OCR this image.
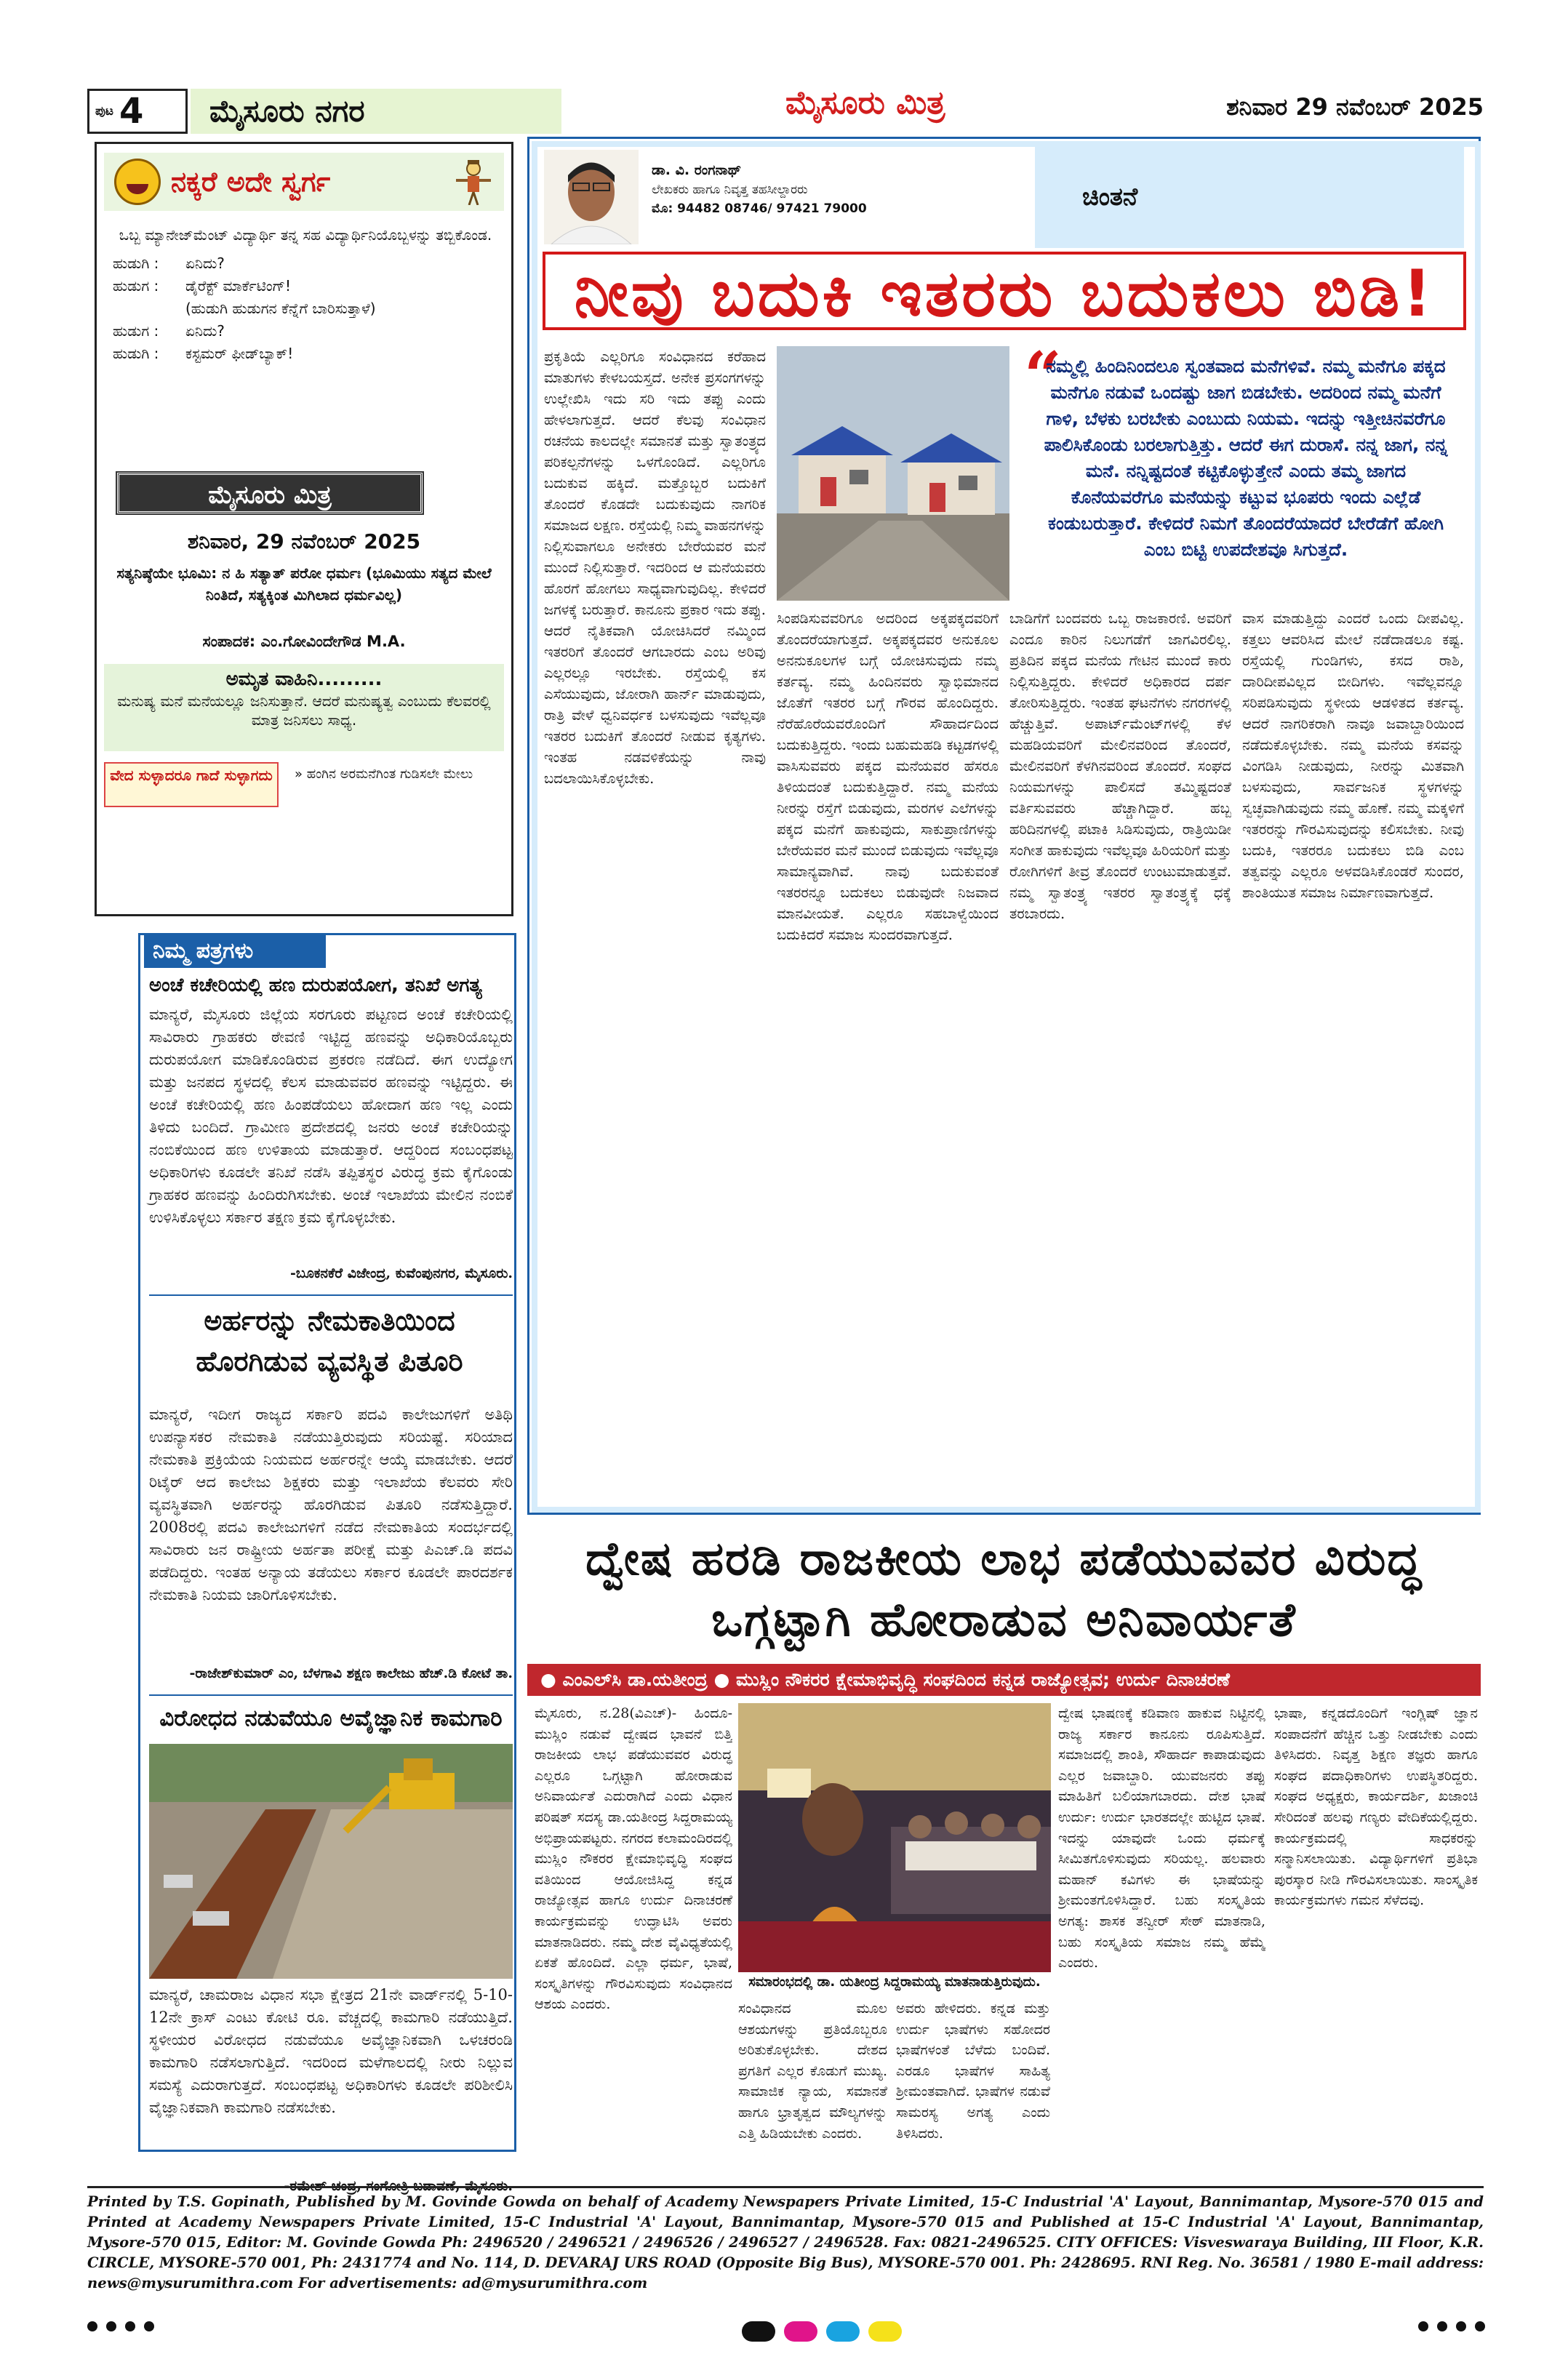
ಪುಟ 4 ಮೈಸೂರು ನಗರ	ಮೈಸೂರು ಮಿತ್ರ	ಶನಿವಾರ 29 ನವೆಂಬರ್ 2025
ನಕ್ಕರೆ ಅದೇ ಸ್ವರ್ಗ
ಒಬ್ಬ ಮ್ಯಾನೇಜ್‌ಮೆಂಟ್ ವಿದ್ಯಾರ್ಥಿ ತನ್ನ ಸಹ ವಿದ್ಯಾರ್ಥಿನಿಯೊಬ್ಬಳನ್ನು ತಬ್ಬಿಕೊಂಡ.
ಹುಡುಗಿ :	ಏನಿದು?
ಹುಡುಗ :	ಡೈರೆಕ್ಟ್ ಮಾರ್ಕೆಟಿಂಗ್!
(ಹುಡುಗಿ ಹುಡುಗನ ಕೆನ್ನೆಗೆ ಬಾರಿಸುತ್ತಾಳೆ)
ಹುಡುಗ :	ಏನಿದು?
ಹುಡುಗಿ :	ಕಸ್ಟಮರ್ ಫೀಡ್‌ಬ್ಯಾಕ್!
ಮೈಸೂರು ಮಿತ್ರ
ಶನಿವಾರ, 29 ನವೆಂಬರ್ 2025
ಸತ್ಯನಿಷ್ಠೆಯೇ ಭೂಮಿ: ನ ಹಿ ಸತ್ಯಾತ್ ಪರೋ ಧರ್ಮಃ (ಭೂಮಿಯು ಸತ್ಯದ ಮೇಲೆ ನಿಂತಿದೆ, ಸತ್ಯಕ್ಕಿಂತ ಮಿಗಿಲಾದ ಧರ್ಮವಿಲ್ಲ)
ಸಂಪಾದಕ: ಎಂ.ಗೋವಿಂದೇಗೌಡ M.A.
ಅಮೃತ ವಾಹಿನಿ.........
ಮನುಷ್ಯ ಮನೆ ಮನೆಯಲ್ಲೂ ಜನಿಸುತ್ತಾನೆ. ಆದರೆ ಮನುಷ್ಯತ್ವ ಎಂಬುದು ಕೆಲವರಲ್ಲಿ ಮಾತ್ರ ಜನಿಸಲು ಸಾಧ್ಯ.
ವೇದ ಸುಳ್ಳಾದರೂ ಗಾದೆ ಸುಳ್ಳಾಗದು	» ಹಂಗಿನ ಅರಮನೆಗಿಂತ ಗುಡಿಸಲೇ ಮೇಲು
ನಿಮ್ಮ ಪತ್ರಗಳು
ಅಂಚೆ ಕಚೇರಿಯಲ್ಲಿ ಹಣ ದುರುಪಯೋಗ, ತನಿಖೆ ಅಗತ್ಯ
ಮಾನ್ಯರೆ, ಮೈಸೂರು ಜಿಲ್ಲೆಯ ಸರಗೂರು ಪಟ್ಟಣದ ಅಂಚೆ ಕಚೇರಿಯಲ್ಲಿ ಸಾವಿರಾರು ಗ್ರಾಹಕರು ಠೇವಣಿ ಇಟ್ಟಿದ್ದ ಹಣವನ್ನು ಅಧಿಕಾರಿಯೊಬ್ಬರು ದುರುಪಯೋಗ ಮಾಡಿಕೊಂಡಿರುವ ಪ್ರಕರಣ ನಡೆದಿದೆ. ಈಗ ಉದ್ಯೋಗ ಮತ್ತು ಜನಪದ ಸ್ಥಳದಲ್ಲಿ ಕೆಲಸ ಮಾಡುವವರ ಹಣವನ್ನು ಇಟ್ಟಿದ್ದರು. ಈ ಅಂಚೆ ಕಚೇರಿಯಲ್ಲಿ ಹಣ ಹಿಂಪಡೆಯಲು ಹೋದಾಗ ಹಣ ಇಲ್ಲ ಎಂದು ತಿಳಿದು ಬಂದಿದೆ. ಗ್ರಾಮೀಣ ಪ್ರದೇಶದಲ್ಲಿ ಜನರು ಅಂಚೆ ಕಚೇರಿಯನ್ನು ನಂಬಿಕೆಯಿಂದ ಹಣ ಉಳಿತಾಯ ಮಾಡುತ್ತಾರೆ. ಆದ್ದರಿಂದ ಸಂಬಂಧಪಟ್ಟ ಅಧಿಕಾರಿಗಳು ಕೂಡಲೇ ತನಿಖೆ ನಡೆಸಿ ತಪ್ಪಿತಸ್ಥರ ವಿರುದ್ಧ ಕ್ರಮ ಕೈಗೊಂಡು ಗ್ರಾಹಕರ ಹಣವನ್ನು ಹಿಂದಿರುಗಿಸಬೇಕು. ಅಂಚೆ ಇಲಾಖೆಯ ಮೇಲಿನ ನಂಬಿಕೆ ಉಳಿಸಿಕೊಳ್ಳಲು ಸರ್ಕಾರ ತಕ್ಷಣ ಕ್ರಮ ಕೈಗೊಳ್ಳಬೇಕು.
-ಬೂಕನಕೆರೆ ವಿಜೇಂದ್ರ, ಕುವೆಂಪುನಗರ, ಮೈಸೂರು.
ಅರ್ಹರನ್ನು ನೇಮಕಾತಿಯಿಂದ ಹೊರಗಿಡುವ ವ್ಯವಸ್ಥಿತ ಪಿತೂರಿ
ಮಾನ್ಯರೆ, ಇದೀಗ ರಾಜ್ಯದ ಸರ್ಕಾರಿ ಪದವಿ ಕಾಲೇಜುಗಳಿಗೆ ಅತಿಥಿ ಉಪನ್ಯಾಸಕರ ನೇಮಕಾತಿ ನಡೆಯುತ್ತಿರುವುದು ಸರಿಯಷ್ಟೆ. ಸರಿಯಾದ ನೇಮಕಾತಿ ಪ್ರಕ್ರಿಯೆಯ ನಿಯಮದ ಅರ್ಹರನ್ನೇ ಆಯ್ಕೆ ಮಾಡಬೇಕು. ಆದರೆ ರಿಟೈರ್ ಆದ ಕಾಲೇಜು ಶಿಕ್ಷಕರು ಮತ್ತು ಇಲಾಖೆಯ ಕೆಲವರು ಸೇರಿ ವ್ಯವಸ್ಥಿತವಾಗಿ ಅರ್ಹರನ್ನು ಹೊರಗಿಡುವ ಪಿತೂರಿ ನಡೆಸುತ್ತಿದ್ದಾರೆ. 2008ರಲ್ಲಿ ಪದವಿ ಕಾಲೇಜುಗಳಿಗೆ ನಡೆದ ನೇಮಕಾತಿಯ ಸಂದರ್ಭದಲ್ಲಿ ಸಾವಿರಾರು ಜನ ರಾಷ್ಟ್ರೀಯ ಅರ್ಹತಾ ಪರೀಕ್ಷೆ ಮತ್ತು ಪಿಎಚ್.ಡಿ ಪದವಿ ಪಡೆದಿದ್ದರು. ಇಂತಹ ಅನ್ಯಾಯ ತಡೆಯಲು ಸರ್ಕಾರ ಕೂಡಲೇ ಪಾರದರ್ಶಕ ನೇಮಕಾತಿ ನಿಯಮ ಜಾರಿಗೊಳಿಸಬೇಕು.
-ರಾಜೇಶ್‌ಕುಮಾರ್ ಎಂ, ಬೆಳಗಾವಿ ಶಕ್ಷಣ ಕಾಲೇಜು ಹೆಚ್.ಡಿ ಕೋಟೆ ತಾ.
ವಿರೋಧದ ನಡುವೆಯೂ ಅವೈಜ್ಞಾನಿಕ ಕಾಮಗಾರಿ
ಮಾನ್ಯರೆ, ಚಾಮರಾಜ ವಿಧಾನ ಸಭಾ ಕ್ಷೇತ್ರದ 21ನೇ ವಾರ್ಡ್‌ನಲ್ಲಿ 5-10-12ನೇ ಕ್ರಾಸ್ ಎಂಟು ಕೋಟಿ ರೂ. ವೆಚ್ಚದಲ್ಲಿ ಕಾಮಗಾರಿ ನಡೆಯುತ್ತಿದೆ. ಸ್ಥಳೀಯರ ವಿರೋಧದ ನಡುವೆಯೂ ಅವೈಜ್ಞಾನಿಕವಾಗಿ ಒಳಚರಂಡಿ ಕಾಮಗಾರಿ ನಡೆಸಲಾಗುತ್ತಿದೆ. ಇದರಿಂದ ಮಳೆಗಾಲದಲ್ಲಿ ನೀರು ನಿಲ್ಲುವ ಸಮಸ್ಯೆ ಎದುರಾಗುತ್ತದೆ. ಸಂಬಂಧಪಟ್ಟ ಅಧಿಕಾರಿಗಳು ಕೂಡಲೇ ಪರಿಶೀಲಿಸಿ ವೈಜ್ಞಾನಿಕವಾಗಿ ಕಾಮಗಾರಿ ನಡೆಸಬೇಕು.
ಡಾ. ವಿ. ರಂಗನಾಥ್
ಲೇಖಕರು ಹಾಗೂ ನಿವೃತ್ತ ತಹಸೀಲ್ದಾರರು
ಮೊ: 94482 08746/ 97421 79000	ಚಿಂತನೆ
ನೀವು ಬದುಕಿ ಇತರರು ಬದುಕಲು ಬಿಡಿ!
ಪ್ರಕೃತಿಯೆ ಎಲ್ಲರಿಗೂ ಸಂವಿಧಾನದ ಕರೆಹಾದ ಮಾತುಗಳು ಕೇಳಬಯಸ್ತದೆ. ಅನೇಕ ಪ್ರಸಂಗಗಳನ್ನು ಉಲ್ಲೇಖಿಸಿ ಇದು ಸರಿ ಇದು ತಪ್ಪು ಎಂದು ಹೇಳಲಾಗುತ್ತದೆ. ಆದರೆ ಕೆಲವು ಸಂವಿಧಾನ ರಚನೆಯ ಕಾಲದಲ್ಲೇ ಸಮಾನತೆ ಮತ್ತು ಸ್ವಾತಂತ್ರ್ಯದ ಪರಿಕಲ್ಪನೆಗಳನ್ನು ಒಳಗೊಂಡಿದೆ. ಎಲ್ಲರಿಗೂ ಬದುಕುವ ಹಕ್ಕಿದೆ. ಮತ್ತೊಬ್ಬರ ಬದುಕಿಗೆ ತೊಂದರೆ ಕೊಡದೇ ಬದುಕುವುದು ನಾಗರಿಕ ಸಮಾಜದ ಲಕ್ಷಣ. ರಸ್ತೆಯಲ್ಲಿ ನಿಮ್ಮ ವಾಹನಗಳನ್ನು ನಿಲ್ಲಿಸುವಾಗಲೂ ಅನೇಕರು ಬೇರೆಯವರ ಮನೆ ಮುಂದೆ ನಿಲ್ಲಿಸುತ್ತಾರೆ. ಇದರಿಂದ ಆ ಮನೆಯವರು ಹೊರಗೆ ಹೋಗಲು ಸಾಧ್ಯವಾಗುವುದಿಲ್ಲ. ಕೇಳಿದರೆ ಜಗಳಕ್ಕೆ ಬರುತ್ತಾರೆ. ಕಾನೂನು ಪ್ರಕಾರ ಇದು ತಪ್ಪು. ಆದರೆ ನೈತಿಕವಾಗಿ ಯೋಚಿಸಿದರೆ ನಮ್ಮಿಂದ ಇತರರಿಗೆ ತೊಂದರೆ ಆಗಬಾರದು ಎಂಬ ಅರಿವು ಎಲ್ಲರಲ್ಲೂ ಇರಬೇಕು. ರಸ್ತೆಯಲ್ಲಿ ಕಸ ಎಸೆಯುವುದು, ಜೋರಾಗಿ ಹಾರ್ನ್ ಮಾಡುವುದು, ರಾತ್ರಿ ವೇಳೆ ಧ್ವನಿವರ್ಧಕ ಬಳಸುವುದು ಇವೆಲ್ಲವೂ ಇತರರ ಬದುಕಿಗೆ ತೊಂದರೆ ನೀಡುವ ಕೃತ್ಯಗಳು. ಇಂತಹ ನಡವಳಿಕೆಯನ್ನು ನಾವು ಬದಲಾಯಿಸಿಕೊಳ್ಳಬೇಕು.
“
ನಮ್ಮಲ್ಲಿ ಹಿಂದಿನಿಂದಲೂ ಸ್ವಂತವಾದ ಮನೆಗಳಿವೆ. ನಮ್ಮ ಮನೆಗೂ ಪಕ್ಕದ ಮನೆಗೂ ನಡುವೆ ಒಂದಷ್ಟು ಜಾಗ ಬಿಡಬೇಕು. ಅದರಿಂದ ನಮ್ಮ ಮನೆಗೆ ಗಾಳಿ, ಬೆಳಕು ಬರಬೇಕು ಎಂಬುದು ನಿಯಮ. ಇದನ್ನು ಇತ್ತೀಚಿನವರೆಗೂ ಪಾಲಿಸಿಕೊಂಡು ಬರಲಾಗುತ್ತಿತ್ತು. ಆದರೆ ಈಗ ದುರಾಸೆ. ನನ್ನ ಜಾಗ, ನನ್ನ ಮನೆ. ನನ್ನಿಷ್ಟದಂತೆ ಕಟ್ಟಿಕೊಳ್ಳುತ್ತೇನೆ ಎಂದು ತಮ್ಮ ಜಾಗದ ಕೊನೆಯವರೆಗೂ ಮನೆಯನ್ನು ಕಟ್ಟುವ ಭೂಪರು ಇಂದು ಎಲ್ಲೆಡೆ ಕಂಡುಬರುತ್ತಾರೆ. ಕೇಳಿದರೆ ನಿಮಗೆ ತೊಂದರೆಯಾದರೆ ಬೇರೆಡೆಗೆ ಹೋಗಿ ಎಂಬ ಬಿಟ್ಟಿ ಉಪದೇಶವೂ ಸಿಗುತ್ತದೆ.
ಸಿಂಪಡಿಸುವವರಿಗೂ ಅದರಿಂದ ಅಕ್ಕಪಕ್ಕದವರಿಗೆ ತೊಂದರೆಯಾಗುತ್ತದೆ. ಅಕ್ಕಪಕ್ಕದವರ ಅನುಕೂಲ ಅನನುಕೂಲಗಳ ಬಗ್ಗೆ ಯೋಚಿಸುವುದು ನಮ್ಮ ಕರ್ತವ್ಯ. ನಮ್ಮ ಹಿಂದಿನವರು ಸ್ವಾಭಿಮಾನದ ಜೊತೆಗೆ ಇತರರ ಬಗ್ಗೆ ಗೌರವ ಹೊಂದಿದ್ದರು. ನೆರೆಹೊರೆಯವರೊಂದಿಗೆ ಸೌಹಾರ್ದದಿಂದ ಬದುಕುತ್ತಿದ್ದರು. ಇಂದು ಬಹುಮಹಡಿ ಕಟ್ಟಡಗಳಲ್ಲಿ ವಾಸಿಸುವವರು ಪಕ್ಕದ ಮನೆಯವರ ಹೆಸರೂ ತಿಳಿಯದಂತೆ ಬದುಕುತ್ತಿದ್ದಾರೆ. ನಮ್ಮ ಮನೆಯ ನೀರನ್ನು ರಸ್ತೆಗೆ ಬಿಡುವುದು, ಮರಗಳ ಎಲೆಗಳನ್ನು ಪಕ್ಕದ ಮನೆಗೆ ಹಾಕುವುದು, ಸಾಕುಪ್ರಾಣಿಗಳನ್ನು ಬೇರೆಯವರ ಮನೆ ಮುಂದೆ ಬಿಡುವುದು ಇವೆಲ್ಲವೂ ಸಾಮಾನ್ಯವಾಗಿವೆ. ನಾವು ಬದುಕುವಂತೆ ಇತರರನ್ನೂ ಬದುಕಲು ಬಿಡುವುದೇ ನಿಜವಾದ ಮಾನವೀಯತೆ. ಎಲ್ಲರೂ ಸಹಬಾಳ್ವೆಯಿಂದ ಬದುಕಿದರೆ ಸಮಾಜ ಸುಂದರವಾಗುತ್ತದೆ.
ಬಾಡಿಗೆಗೆ ಬಂದವರು ಒಬ್ಬ ರಾಜಕಾರಣಿ. ಅವರಿಗೆ ಎಂದೂ ಕಾರಿನ ನಿಲುಗಡೆಗೆ ಜಾಗವಿರಲಿಲ್ಲ. ಪ್ರತಿದಿನ ಪಕ್ಕದ ಮನೆಯ ಗೇಟಿನ ಮುಂದೆ ಕಾರು ನಿಲ್ಲಿಸುತ್ತಿದ್ದರು. ಕೇಳಿದರೆ ಅಧಿಕಾರದ ದರ್ಪ ತೋರಿಸುತ್ತಿದ್ದರು. ಇಂತಹ ಘಟನೆಗಳು ನಗರಗಳಲ್ಲಿ ಹೆಚ್ಚುತ್ತಿವೆ. ಅಪಾರ್ಟ್‌ಮೆಂಟ್‌ಗಳಲ್ಲಿ ಕೆಳ ಮಹಡಿಯವರಿಗೆ ಮೇಲಿನವರಿಂದ ತೊಂದರೆ, ಮೇಲಿನವರಿಗೆ ಕೆಳಗಿನವರಿಂದ ತೊಂದರೆ. ಸಂಘದ ನಿಯಮಗಳನ್ನು ಪಾಲಿಸದೆ ತಮ್ಮಿಷ್ಟದಂತೆ ವರ್ತಿಸುವವರು ಹೆಚ್ಚಾಗಿದ್ದಾರೆ. ಹಬ್ಬ ಹರಿದಿನಗಳಲ್ಲಿ ಪಟಾಕಿ ಸಿಡಿಸುವುದು, ರಾತ್ರಿಯಿಡೀ ಸಂಗೀತ ಹಾಕುವುದು ಇವೆಲ್ಲವೂ ಹಿರಿಯರಿಗೆ ಮತ್ತು ರೋಗಿಗಳಿಗೆ ತೀವ್ರ ತೊಂದರೆ ಉಂಟುಮಾಡುತ್ತವೆ. ನಮ್ಮ ಸ್ವಾತಂತ್ರ್ಯ ಇತರರ ಸ್ವಾತಂತ್ರ್ಯಕ್ಕೆ ಧಕ್ಕೆ ತರಬಾರದು.
ವಾಸ ಮಾಡುತ್ತಿದ್ದು ಎಂದರೆ ಒಂದು ದೀಪವಿಲ್ಲ. ಕತ್ತಲು ಆವರಿಸಿದ ಮೇಲೆ ನಡೆದಾಡಲೂ ಕಷ್ಟ. ರಸ್ತೆಯಲ್ಲಿ ಗುಂಡಿಗಳು, ಕಸದ ರಾಶಿ, ದಾರಿದೀಪವಿಲ್ಲದ ಬೀದಿಗಳು. ಇವೆಲ್ಲವನ್ನೂ ಸರಿಪಡಿಸುವುದು ಸ್ಥಳೀಯ ಆಡಳಿತದ ಕರ್ತವ್ಯ. ಆದರೆ ನಾಗರಿಕರಾಗಿ ನಾವೂ ಜವಾಬ್ದಾರಿಯಿಂದ ನಡೆದುಕೊಳ್ಳಬೇಕು. ನಮ್ಮ ಮನೆಯ ಕಸವನ್ನು ವಿಂಗಡಿಸಿ ನೀಡುವುದು, ನೀರನ್ನು ಮಿತವಾಗಿ ಬಳಸುವುದು, ಸಾರ್ವಜನಿಕ ಸ್ಥಳಗಳನ್ನು ಸ್ವಚ್ಛವಾಗಿಡುವುದು ನಮ್ಮ ಹೊಣೆ. ನಮ್ಮ ಮಕ್ಕಳಿಗೆ ಇತರರನ್ನು ಗೌರವಿಸುವುದನ್ನು ಕಲಿಸಬೇಕು. ನೀವು ಬದುಕಿ, ಇತರರೂ ಬದುಕಲು ಬಿಡಿ ಎಂಬ ತತ್ವವನ್ನು ಎಲ್ಲರೂ ಅಳವಡಿಸಿಕೊಂಡರೆ ಸುಂದರ, ಶಾಂತಿಯುತ ಸಮಾಜ ನಿರ್ಮಾಣವಾಗುತ್ತದೆ.
ದ್ವೇಷ ಹರಡಿ ರಾಜಕೀಯ ಲಾಭ ಪಡೆಯುವವರ ವಿರುದ್ಧ ಒಗ್ಗಟ್ಟಾಗಿ ಹೋರಾಡುವ ಅನಿವಾರ್ಯತೆ
● ಎಂಎಲ್‌ಸಿ ಡಾ.ಯತೀಂದ್ರ ● ಮುಸ್ಲಿಂ ನೌಕರರ ಕ್ಷೇಮಾಭಿವೃದ್ಧಿ ಸಂಘದಿಂದ ಕನ್ನಡ ರಾಜ್ಯೋತ್ಸವ; ಉರ್ದು ದಿನಾಚರಣೆ
ಮೈಸೂರು, ನ.28(ವಿಎಚ್)- ಹಿಂದೂ-ಮುಸ್ಲಿಂ ನಡುವೆ ದ್ವೇಷದ ಭಾವನೆ ಬಿತ್ತಿ ರಾಜಕೀಯ ಲಾಭ ಪಡೆಯುವವರ ವಿರುದ್ಧ ಎಲ್ಲರೂ ಒಗ್ಗಟ್ಟಾಗಿ ಹೋರಾಡುವ ಅನಿವಾರ್ಯತೆ ಎದುರಾಗಿದೆ ಎಂದು ವಿಧಾನ ಪರಿಷತ್ ಸದಸ್ಯ ಡಾ.ಯತೀಂದ್ರ ಸಿದ್ದರಾಮಯ್ಯ ಅಭಿಪ್ರಾಯಪಟ್ಟರು. ನಗರದ ಕಲಾಮಂದಿರದಲ್ಲಿ ಮುಸ್ಲಿಂ ನೌಕರರ ಕ್ಷೇಮಾಭಿವೃದ್ಧಿ ಸಂಘದ ವತಿಯಿಂದ ಆಯೋಜಿಸಿದ್ದ ಕನ್ನಡ ರಾಜ್ಯೋತ್ಸವ ಹಾಗೂ ಉರ್ದು ದಿನಾಚರಣೆ ಕಾರ್ಯಕ್ರಮವನ್ನು ಉದ್ಘಾಟಿಸಿ ಅವರು ಮಾತನಾಡಿದರು. ನಮ್ಮ ದೇಶ ವೈವಿಧ್ಯತೆಯಲ್ಲಿ ಏಕತೆ ಹೊಂದಿದೆ. ಎಲ್ಲಾ ಧರ್ಮ, ಭಾಷೆ, ಸಂಸ್ಕೃತಿಗಳನ್ನು ಗೌರವಿಸುವುದು ಸಂವಿಧಾನದ ಆಶಯ ಎಂದರು.
ಸಮಾರಂಭದಲ್ಲಿ ಡಾ. ಯತೀಂದ್ರ ಸಿದ್ದರಾಮಯ್ಯ ಮಾತನಾಡುತ್ತಿರುವುದು.
ಸಂವಿಧಾನದ ಮೂಲ ಆಶಯಗಳನ್ನು ಪ್ರತಿಯೊಬ್ಬರೂ ಅರಿತುಕೊಳ್ಳಬೇಕು. ದೇಶದ ಪ್ರಗತಿಗೆ ಎಲ್ಲರ ಕೊಡುಗೆ ಮುಖ್ಯ. ಸಾಮಾಜಿಕ ನ್ಯಾಯ, ಸಮಾನತೆ ಹಾಗೂ ಭ್ರಾತೃತ್ವದ ಮೌಲ್ಯಗಳನ್ನು ಎತ್ತಿ ಹಿಡಿಯಬೇಕು ಎಂದರು.
ಅವರು ಹೇಳಿದರು. ಕನ್ನಡ ಮತ್ತು ಉರ್ದು ಭಾಷೆಗಳು ಸಹೋದರ ಭಾಷೆಗಳಂತೆ ಬೆಳೆದು ಬಂದಿವೆ. ಎರಡೂ ಭಾಷೆಗಳ ಸಾಹಿತ್ಯ ಶ್ರೀಮಂತವಾಗಿದೆ. ಭಾಷೆಗಳ ನಡುವೆ ಸಾಮರಸ್ಯ ಅಗತ್ಯ ಎಂದು ತಿಳಿಸಿದರು.
ದ್ವೇಷ ಭಾಷಣಕ್ಕೆ ಕಡಿವಾಣ ಹಾಕುವ ನಿಟ್ಟಿನಲ್ಲಿ ರಾಜ್ಯ ಸರ್ಕಾರ ಕಾನೂನು ರೂಪಿಸುತ್ತಿದೆ. ಸಮಾಜದಲ್ಲಿ ಶಾಂತಿ, ಸೌಹಾರ್ದ ಕಾಪಾಡುವುದು ಎಲ್ಲರ ಜವಾಬ್ದಾರಿ. ಯುವಜನರು ತಪ್ಪು ಮಾಹಿತಿಗೆ ಬಲಿಯಾಗಬಾರದು. ದೇಶ ಭಾಷೆ ಉರ್ದು: ಉರ್ದು ಭಾರತದಲ್ಲೇ ಹುಟ್ಟಿದ ಭಾಷೆ. ಇದನ್ನು ಯಾವುದೇ ಒಂದು ಧರ್ಮಕ್ಕೆ ಸೀಮಿತಗೊಳಿಸುವುದು ಸರಿಯಲ್ಲ. ಹಲವಾರು ಮಹಾನ್ ಕವಿಗಳು ಈ ಭಾಷೆಯನ್ನು ಶ್ರೀಮಂತಗೊಳಿಸಿದ್ದಾರೆ. ಬಹು ಸಂಸ್ಕೃತಿಯ ಅಗತ್ಯ: ಶಾಸಕ ತನ್ವೀರ್ ಸೇಠ್ ಮಾತನಾಡಿ, ಬಹು ಸಂಸ್ಕೃತಿಯ ಸಮಾಜ ನಮ್ಮ ಹೆಮ್ಮೆ ಎಂದರು.
ಭಾಷಾ, ಕನ್ನಡದೊಂದಿಗೆ ಇಂಗ್ಲಿಷ್ ಜ್ಞಾನ ಸಂಪಾದನೆಗೆ ಹೆಚ್ಚಿನ ಒತ್ತು ನೀಡಬೇಕು ಎಂದು ತಿಳಿಸಿದರು. ನಿವೃತ್ತ ಶಿಕ್ಷಣ ತಜ್ಞರು ಹಾಗೂ ಸಂಘದ ಪದಾಧಿಕಾರಿಗಳು ಉಪಸ್ಥಿತರಿದ್ದರು. ಸಂಘದ ಅಧ್ಯಕ್ಷರು, ಕಾರ್ಯದರ್ಶಿ, ಖಜಾಂಚಿ ಸೇರಿದಂತೆ ಹಲವು ಗಣ್ಯರು ವೇದಿಕೆಯಲ್ಲಿದ್ದರು. ಕಾರ್ಯಕ್ರಮದಲ್ಲಿ ಸಾಧಕರನ್ನು ಸನ್ಮಾನಿಸಲಾಯಿತು. ವಿದ್ಯಾರ್ಥಿಗಳಿಗೆ ಪ್ರತಿಭಾ ಪುರಸ್ಕಾರ ನೀಡಿ ಗೌರವಿಸಲಾಯಿತು. ಸಾಂಸ್ಕೃತಿಕ ಕಾರ್ಯಕ್ರಮಗಳು ಗಮನ ಸೆಳೆದವು.
Printed by T.S. Gopinath, Published by M. Govinde Gowda on behalf of Academy Newspapers Private Limited, 15-C Industrial 'A' Layout, Bannimantap, Mysore-570 015 and Printed at Academy Newspapers Private Limited, 15-C Industrial 'A' Layout, Bannimantap, Mysore-570 015 and Published at 15-C Industrial 'A' Layout, Bannimantap, Mysore-570 015, Editor: M. Govinde Gowda Ph: 2496520 / 2496521 / 2496526 / 2496527 / 2496528. Fax: 0821-2496525. CITY OFFICES: Visveswaraya Building, III Floor, K.R. CIRCLE, MYSORE-570 001, Ph: 2431774 and No. 114, D. DEVARAJ URS ROAD (Opposite Big Bus), MYSORE-570 001. Ph: 2428695. RNI Reg. No. 36581 / 1980 E-mail address: news@mysurumithra.com For advertisements: ad@mysurumithra.com
